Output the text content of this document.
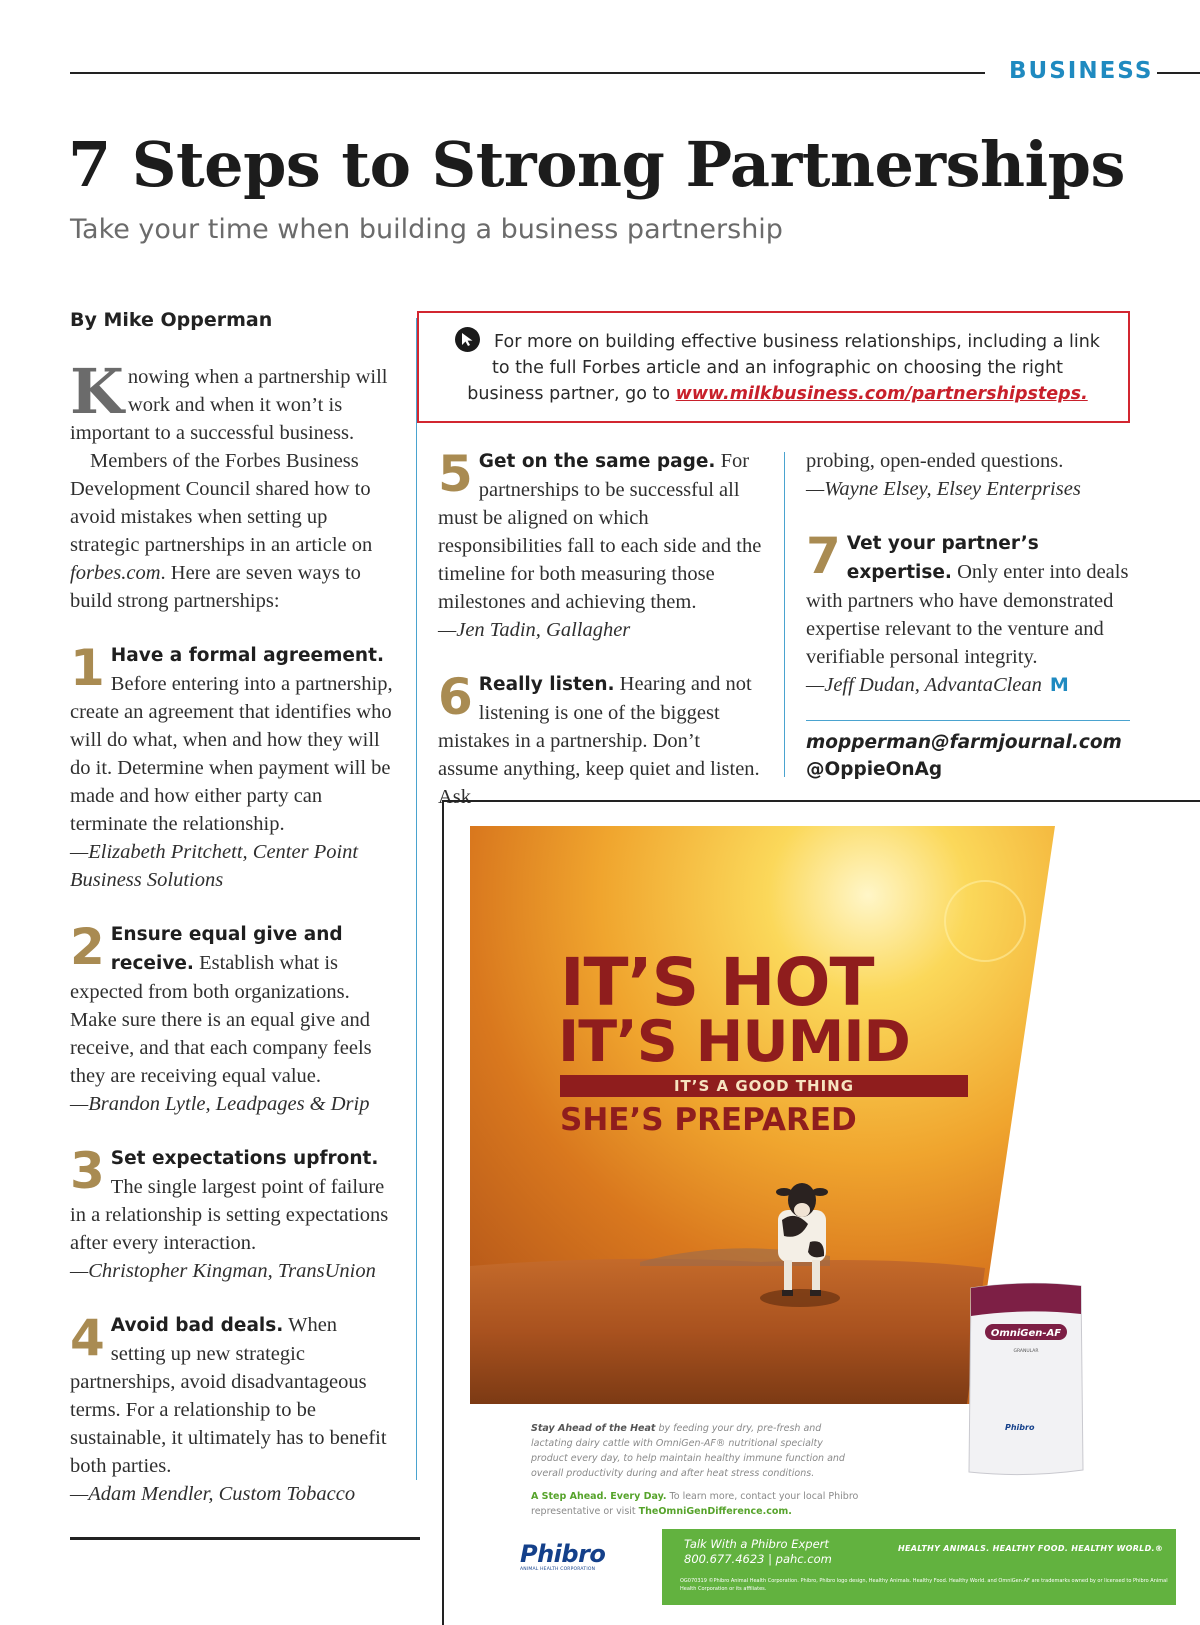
BUSINESS
7 Steps to Strong Partnerships
Take your time when building a business partnership
By Mike Opperman

Knowing when a partnership will work and when it won’t is important to a successful business.

Members of the Forbes Business Development Council shared how to avoid mistakes when setting up strategic partnerships in an article on forbes.com. Here are seven ways to build strong partnerships:

1 Have a formal agreement. Before entering into a partnership, create an agreement that identifies who will do what, when and how they will do it. Determine when payment will be made and how either party can terminate the relationship.
—Elizabeth Pritchett, Center Point Business Solutions
2 Ensure equal give and receive. Establish what is expected from both organizations. Make sure there is an equal give and receive, and that each company feels they are receiving equal value.
—Brandon Lytle, Leadpages & Drip
3 Set expectations upfront. The single largest point of failure in a relationship is setting expectations after every interaction.
—Christopher Kingman, TransUnion
4 Avoid bad deals. When setting up new strategic partnerships, avoid disadvantageous terms. For a relationship to be sustainable, it ultimately has to benefit both parties.
—Adam Mendler, Custom Tobacco
For more on building effective business relationships, including a link to the full Forbes article and an infographic on choosing the right business partner, go to www.milkbusiness.com/partnershipsteps.
5 Get on the same page. For partnerships to be successful all must be aligned on which responsibilities fall to each side and the timeline for both measuring those milestones and achieving them.
—Jen Tadin, Gallagher
6 Really listen. Hearing and not listening is one of the biggest mistakes in a partnership. Don’t assume anything, keep quiet and listen. Ask
probing, open-ended questions.
—Wayne Elsey, Elsey Enterprises
7 Vet your partner’s expertise. Only enter into deals with partners who have demonstrated expertise relevant to the venture and verifiable personal integrity.
—Jeff Dudan, AdvantaClean M
mopperman@farmjournal.com
@OppieOnAg
IT’S HOT
IT’S HUMID
IT’S A GOOD THING
SHE’S PREPARED
OmniGen-AF
GRANULAR
Phibro
Stay Ahead of the Heat by feeding your dry, pre-fresh and lactating dairy cattle with OmniGen-AF® nutritional specialty product every day, to help maintain healthy immune function and overall productivity during and after heat stress conditions.
A Step Ahead. Every Day. To learn more, contact your local Phibro representative or visit TheOmniGenDifference.com.
Phibro
ANIMAL HEALTH CORPORATION
Talk With a Phibro Expert
800.677.4623 | pahc.com
HEALTHY ANIMALS. HEALTHY FOOD. HEALTHY WORLD.®
OG070319 ©Phibro Animal Health Corporation. Phibro, Phibro logo design, Healthy Animals. Healthy Food. Healthy World. and OmniGen-AF are trademarks owned by or licensed to Phibro Animal Health Corporation or its affiliates.
